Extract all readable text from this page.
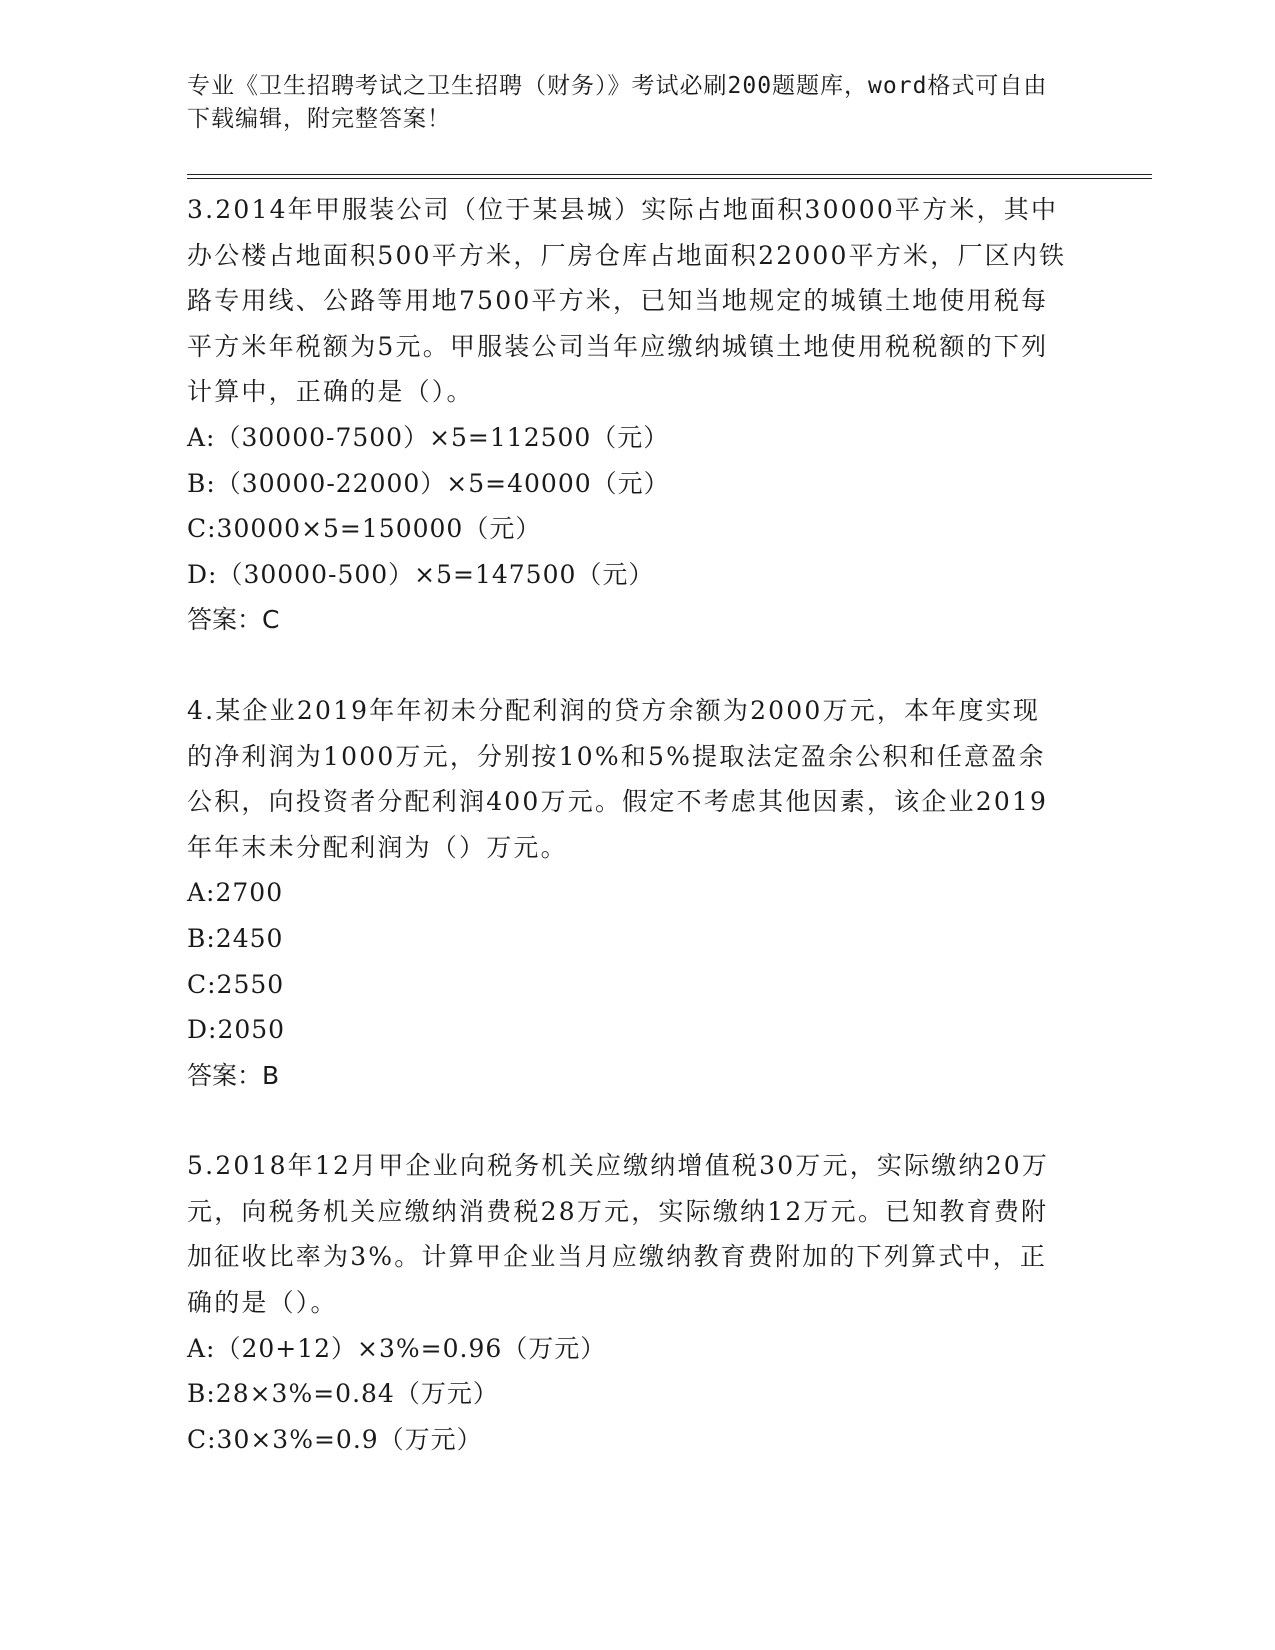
专业《卫生招聘考试之卫生招聘（财务）》考试必刷200题题库，word格式可自由下载编辑，附完整答案！

3.2014年甲服装公司（位于某县城）实际占地面积30000平方米，其中办公楼占地面积500平方米，厂房仓库占地面积22000平方米，厂区内铁路专用线、公路等用地7500平方米，已知当地规定的城镇土地使用税每平方米年税额为5元。甲服装公司当年应缴纳城镇土地使用税税额的下列计算中，正确的是（）。

A:（30000-7500）×5=112500（元）

B:（30000-22000）×5=40000（元）

C:30000×5=150000（元）

D:（30000-500）×5=147500（元）

答案：C

4.某企业2019年年初未分配利润的贷方余额为2000万元，本年度实现的净利润为1000万元，分别按10%和5%提取法定盈余公积和任意盈余公积，向投资者分配利润400万元。假定不考虑其他因素，该企业2019年年末未分配利润为（）万元。

A:2700

B:2450

C:2550

D:2050

答案：B

5.2018年12月甲企业向税务机关应缴纳增值税30万元，实际缴纳20万元，向税务机关应缴纳消费税28万元，实际缴纳12万元。已知教育费附加征收比率为3%。计算甲企业当月应缴纳教育费附加的下列算式中，正确的是（）。

A:（20+12）×3%=0.96（万元）

B:28×3%=0.84（万元）

C:30×3%=0.9（万元）
